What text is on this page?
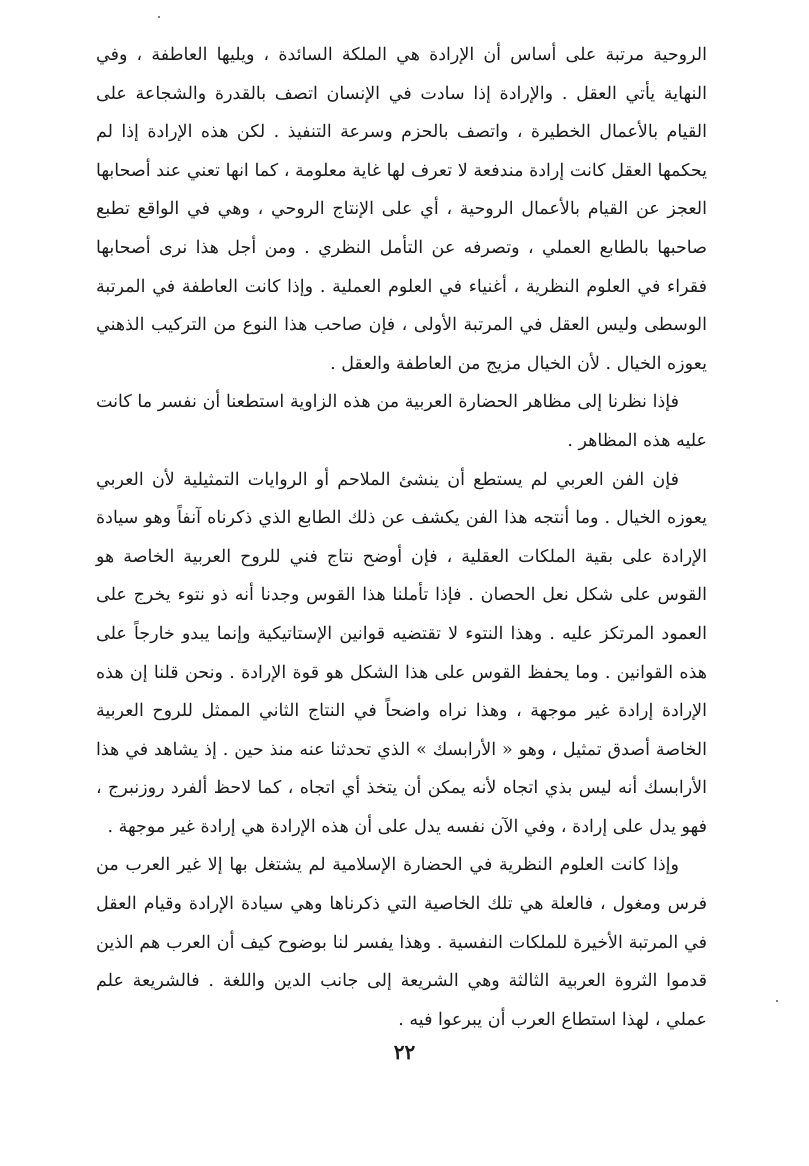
الروحية مرتبة على أساس أن الإرادة هي الملكة السائدة ، ويليها العاطفة ، وفي النهاية يأتي العقل . والإرادة إذا سادت في الإنسان اتصف بالقدرة والشجاعة على القيام بالأعمال الخطيرة ، واتصف بالحزم وسرعة التنفيذ . لكن هذه الإرادة إذا لم يحكمها العقل كانت إرادة مندفعة لا تعرف لها غاية معلومة ، كما انها تعني عند أصحابها العجز عن القيام بالأعمال الروحية ، أي على الإنتاج الروحي ، وهي في الواقع تطبع صاحبها بالطابع العملي ، وتصرفه عن التأمل النظري . ومن أجل هذا نرى أصحابها فقراء في العلوم النظرية ، أغنياء في العلوم العملية . وإذا كانت العاطفة في المرتبة الوسطى وليس العقل في المرتبة الأولى ، فإن صاحب هذا النوع من التركيب الذهني يعوزه الخيال . لأن الخيال مزيج من العاطفة والعقل .

فإذا نظرنا إلى مظاهر الحضارة العربية من هذه الزاوية استطعنا أن نفسر ما كانت عليه هذه المظاهر .

فإن الفن العربي لم يستطع أن ينشئ الملاحم أو الروايات التمثيلية لأن العربي يعوزه الخيال . وما أنتجه هذا الفن يكشف عن ذلك الطابع الذي ذكرناه آنفاً وهو سيادة الإرادة على بقية الملكات العقلية ، فإن أوضح نتاج فني للروح العربية الخاصة هو القوس على شكل نعل الحصان . فإذا تأملنا هذا القوس وجدنا أنه ذو نتوء يخرج على العمود المرتكز عليه . وهذا النتوء لا تقتضيه قوانين الإستاتيكية وإنما يبدو خارجاً على هذه القوانين . وما يحفظ القوس على هذا الشكل هو قوة الإرادة . ونحن قلنا إن هذه الإرادة إرادة غير موجهة ، وهذا نراه واضحاً في النتاج الثاني الممثل للروح العربية الخاصة أصدق تمثيل ، وهو « الأرابسك » الذي تحدثنا عنه منذ حين . إذ يشاهد في هذا الأرابسك أنه ليس بذي اتجاه لأنه يمكن أن يتخذ أي اتجاه ، كما لاحظ ألفرد روزنبرج ، فهو يدل على إرادة ، وفي الآن نفسه يدل على أن هذه الإرادة هي إرادة غير موجهة .

وإذا كانت العلوم النظرية في الحضارة الإسلامية لم يشتغل بها إلا غير العرب من فرس ومغول ، فالعلة هي تلك الخاصية التي ذكرناها وهي سيادة الإرادة وقيام العقل في المرتبة الأخيرة للملكات النفسية . وهذا يفسر لنا بوضوح كيف أن العرب هم الذين قدموا الثروة العربية الثالثة وهي الشريعة إلى جانب الدين واللغة . فالشريعة علم عملي ، لهذا استطاع العرب أن يبرعوا فيه .

٢٢
